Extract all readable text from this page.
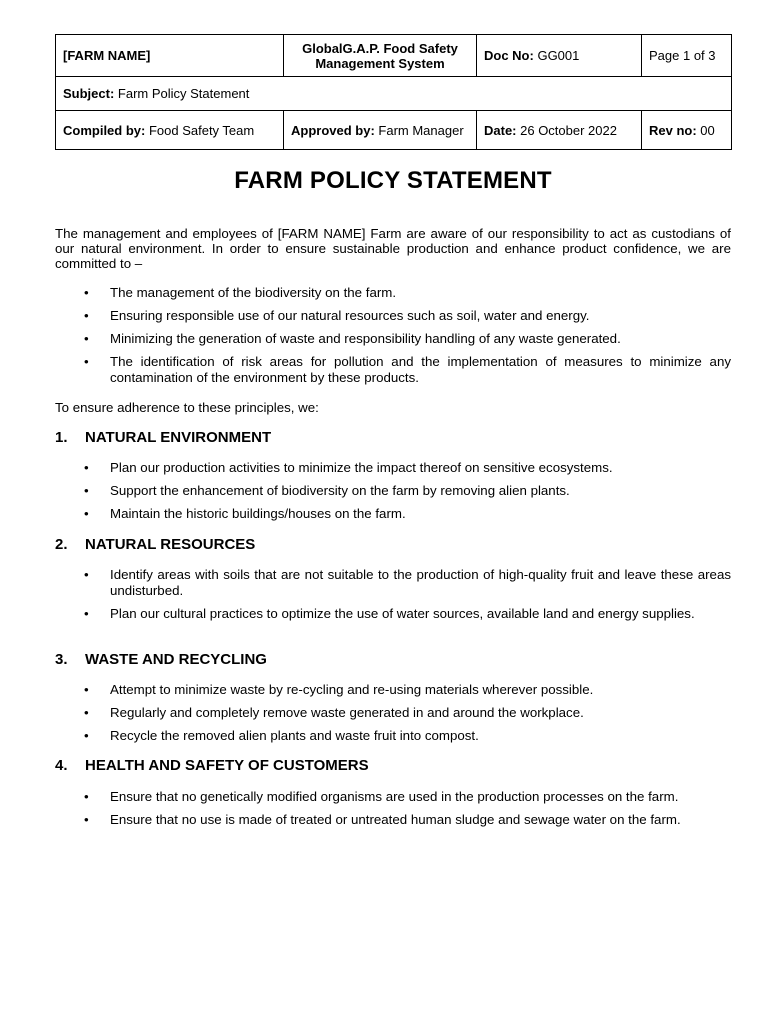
[FARM NAME]	GlobalG.A.P. Food Safety Management System	Doc No: GG001	Page 1 of 3
Subject: Farm Policy Statement			
Compiled by: Food Safety Team	Approved by: Farm Manager	Date: 26 October 2022	Rev no: 00
FARM POLICY STATEMENT
The management and employees of [FARM NAME] Farm are aware of our responsibility to act as custodians of our natural environment. In order to ensure sustainable production and enhance product confidence, we are committed to –
• The management of the biodiversity on the farm.
• Ensuring responsible use of our natural resources such as soil, water and energy.
• Minimizing the generation of waste and responsibility handling of any waste generated.
• The identification of risk areas for pollution and the implementation of measures to minimize any contamination of the environment by these products.
To ensure adherence to these principles, we:
1. NATURAL ENVIRONMENT
• Plan our production activities to minimize the impact thereof on sensitive ecosystems.
• Support the enhancement of biodiversity on the farm by removing alien plants.
• Maintain the historic buildings/houses on the farm.
2. NATURAL RESOURCES
• Identify areas with soils that are not suitable to the production of high-quality fruit and leave these areas undisturbed.
• Plan our cultural practices to optimize the use of water sources, available land and energy supplies.
3. WASTE AND RECYCLING
• Attempt to minimize waste by re-cycling and re-using materials wherever possible.
• Regularly and completely remove waste generated in and around the workplace.
• Recycle the removed alien plants and waste fruit into compost.
4. HEALTH AND SAFETY OF CUSTOMERS
• Ensure that no genetically modified organisms are used in the production processes on the farm.
• Ensure that no use is made of treated or untreated human sludge and sewage water on the farm.
